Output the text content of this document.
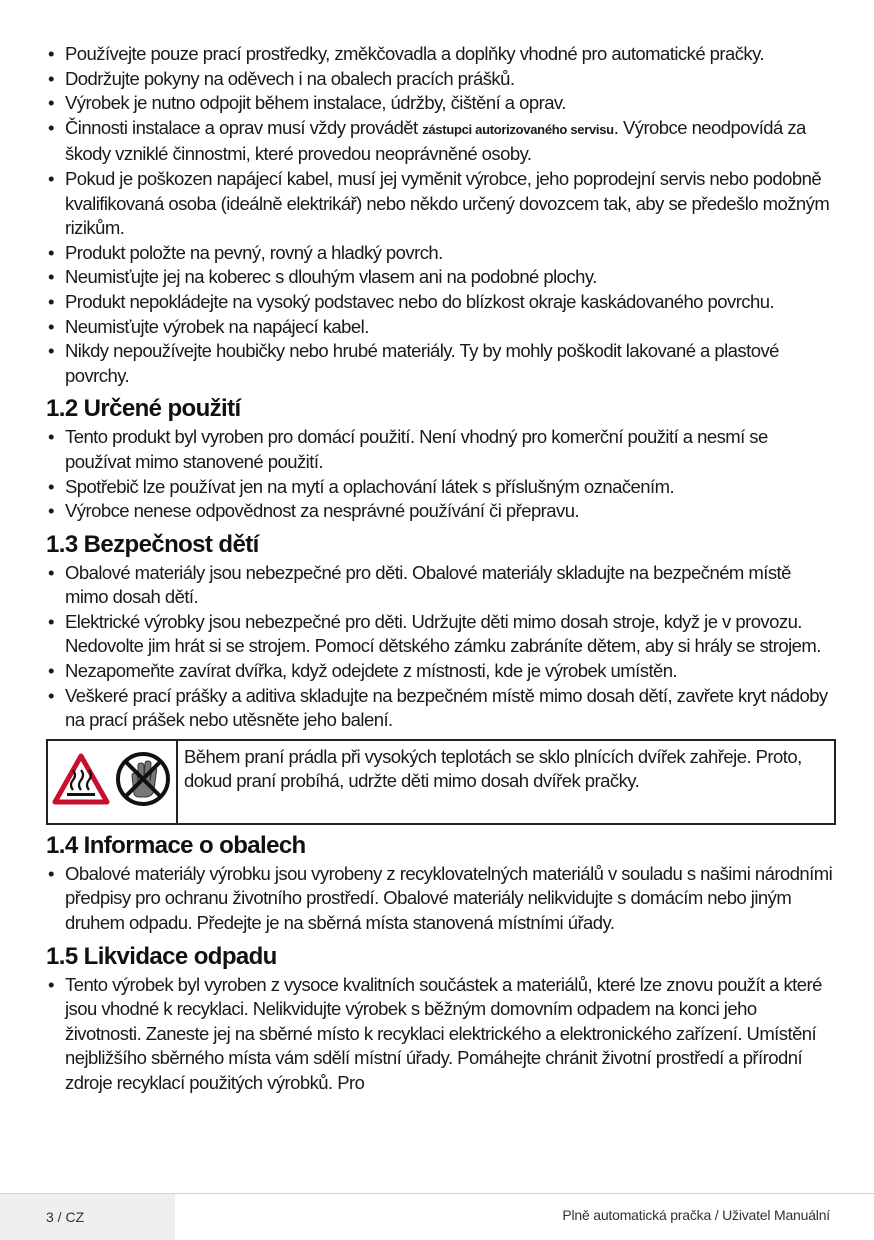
• Používejte pouze prací prostředky, změkčovadla a doplňky vhodné pro automatické pračky.
• Dodržujte pokyny na oděvech i na obalech pracích prášků.
• Výrobek je nutno odpojit během instalace, údržby, čištění a oprav.
• Činnosti instalace a oprav musí vždy provádět zástupci autorizovaného servisu. Výrobce neodpovídá za škody vzniklé činnostmi, které provedou neoprávněné osoby.
• Pokud je poškozen napájecí kabel, musí jej vyměnit výrobce, jeho poprodejní servis nebo podobně kvalifikovaná osoba (ideálně elektrikář) nebo někdo určený dovozcem tak, aby se předešlo možným rizikům.
• Produkt položte na pevný, rovný a hladký povrch.
• Neumisťujte jej na koberec s dlouhým vlasem ani na podobné plochy.
• Produkt nepokládejte na vysoký podstavec nebo do blízkost okraje kaskádovaného povrchu.
• Neumisťujte výrobek na napájecí kabel.
• Nikdy nepoužívejte houbičky nebo hrubé materiály. Ty by mohly poškodit lakované a plastové povrchy.
1.2 Určené použití
• Tento produkt byl vyroben pro domácí použití. Není vhodný pro komerční použití a nesmí se používat mimo stanovené použití.
• Spotřebič lze používat jen na mytí a oplachování látek s příslušným označením.
• Výrobce nenese odpovědnost za nesprávné používání či přepravu.
1.3 Bezpečnost dětí
• Obalové materiály jsou nebezpečné pro děti. Obalové materiály skladujte na bezpečném místě mimo dosah dětí.
• Elektrické výrobky jsou nebezpečné pro děti. Udržujte děti mimo dosah stroje, když je v provozu. Nedovolte jim hrát si se strojem. Pomocí dětského zámku zabráníte dětem, aby si hrály se strojem.
• Nezapomeňte zavírat dvířka, když odejdete z místnosti, kde je výrobek umístěn.
• Veškeré prací prášky a aditiva skladujte na bezpečném místě mimo dosah dětí, zavřete kryt nádoby na prací prášek nebo utěsněte jeho balení.
Během praní prádla při vysokých teplotách se sklo plnících dvířek zahřeje. Proto, dokud praní probíhá, udržte děti mimo dosah dvířek pračky.
1.4 Informace o obalech
• Obalové materiály výrobku jsou vyrobeny z recyklovatelných materiálů v souladu s našimi národními předpisy pro ochranu životního prostředí. Obalové materiály nelikvidujte s domácím nebo jiným druhem odpadu. Předejte je na sběrná místa stanovená místními úřady.
1.5 Likvidace odpadu
• Tento výrobek byl vyroben z vysoce kvalitních součástek a materiálů, které lze znovu použít a které jsou vhodné k recyklaci. Nelikvidujte výrobek s běžným domovním odpadem na konci jeho životnosti. Zaneste jej na sběrné místo k recyklaci elektrického a elektronického zařízení. Umístění nejbližšího sběrného místa vám sdělí místní úřady. Pomáhejte chránit životní prostředí a přírodní zdroje recyklací použitých výrobků. Pro
3 / CZ	Plně automatická pračka / Uživatel Manuální
